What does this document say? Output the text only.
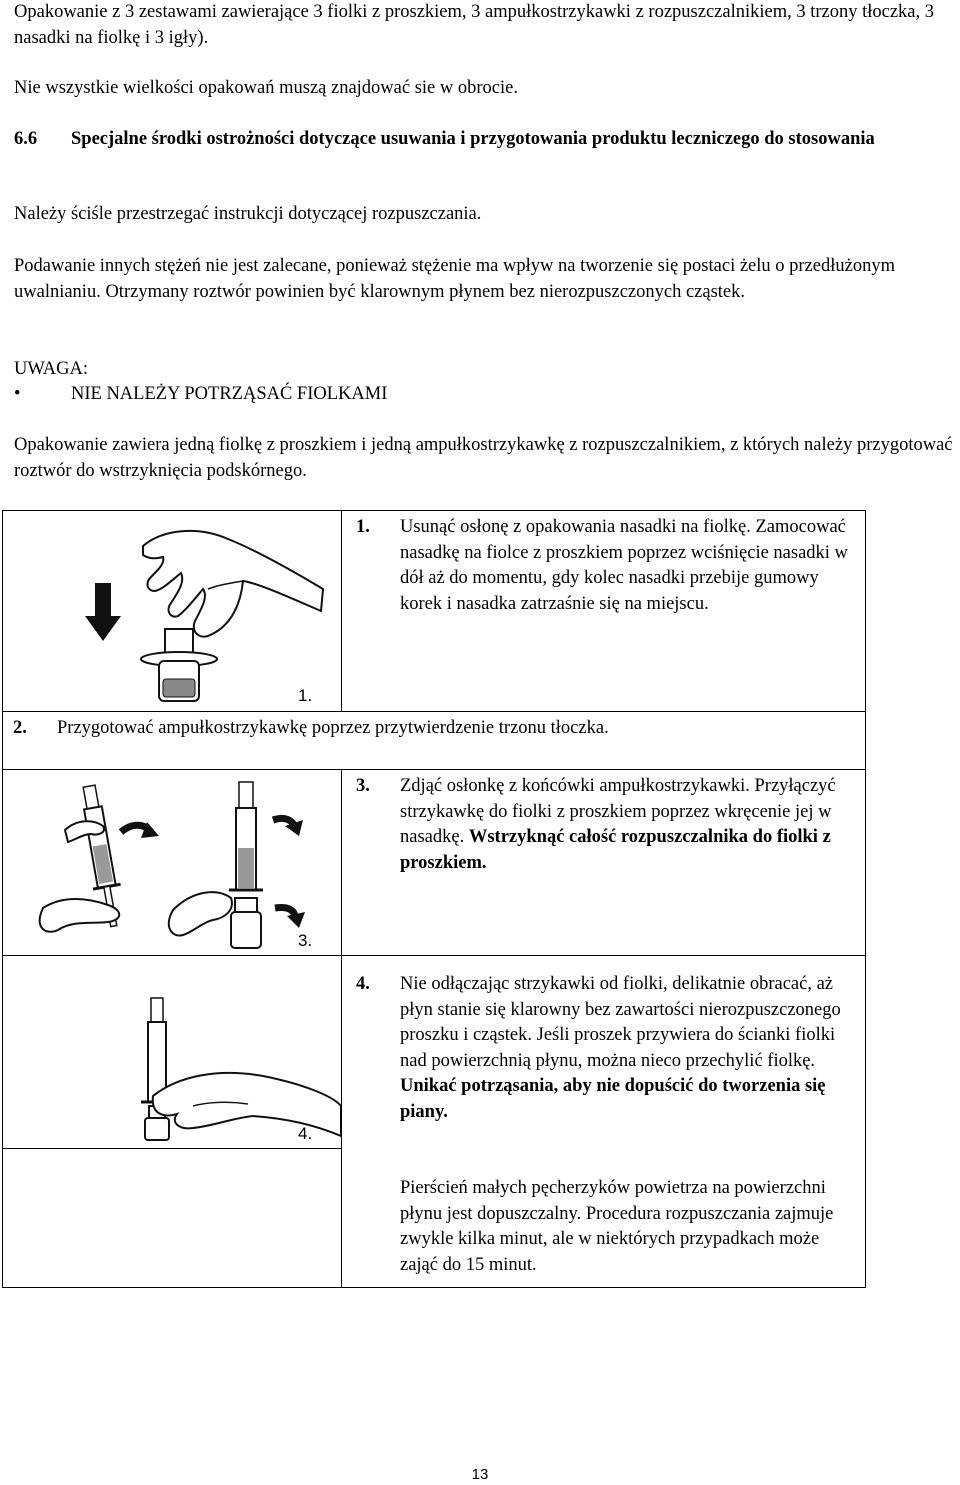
Opakowanie z 3 zestawami zawierające 3 fiolki z proszkiem, 3 ampułkostrzykawki z rozpuszczalnikiem, 3 trzony tłoczka, 3 nasadki na fiolkę i 3 igły).

Nie wszystkie wielkości opakowań muszą znajdować sie w obrocie.

6.6 Specjalne środki ostrożności dotyczące usuwania i przygotowania produktu leczniczego do stosowania

Należy ściśle przestrzegać instrukcji dotyczącej rozpuszczania.

Podawanie innych stężeń nie jest zalecane, ponieważ stężenie ma wpływ na tworzenie się postaci żelu o przedłużonym uwalnianiu. Otrzymany roztwór powinien być klarownym płynem bez nierozpuszczonych cząstek.

UWAGA:
•	NIE NALEŻY POTRZĄSAĆ FIOLKAMI

Opakowanie zawiera jedną fiolkę z proszkiem i jedną ampułkostrzykawkę z rozpuszczalnikiem, z których należy przygotować roztwór do wstrzyknięcia podskórnego.

1.
1. Usunąć osłonę z opakowania nasadki na fiolkę. Zamocować nasadkę na fiolce z proszkiem poprzez wciśnięcie nasadki w dół aż do momentu, gdy kolec nasadki przebije gumowy korek i nasadka zatrzaśnie się na miejscu.
2. Przygotować ampułkostrzykawkę poprzez przytwierdzenie trzonu tłoczka.
3.
3. Zdjąć osłonkę z końcówki ampułkostrzykawki. Przyłączyć strzykawkę do fiolki z proszkiem poprzez wkręcenie jej w nasadkę. Wstrzyknąć całość rozpuszczalnika do fiolki z proszkiem.
4.
4. Nie odłączając strzykawki od fiolki, delikatnie obracać, aż płyn stanie się klarowny bez zawartości nierozpuszczonego proszku i cząstek. Jeśli proszek przywiera do ścianki fiolki nad powierzchnią płynu, można nieco przechylić fiolkę. Unikać potrząsania, aby nie dopuścić do tworzenia się piany.
Pierścień małych pęcherzyków powietrza na powierzchni płynu jest dopuszczalny. Procedura rozpuszczania zajmuje zwykle kilka minut, ale w niektórych przypadkach może zająć do 15 minut.
13
